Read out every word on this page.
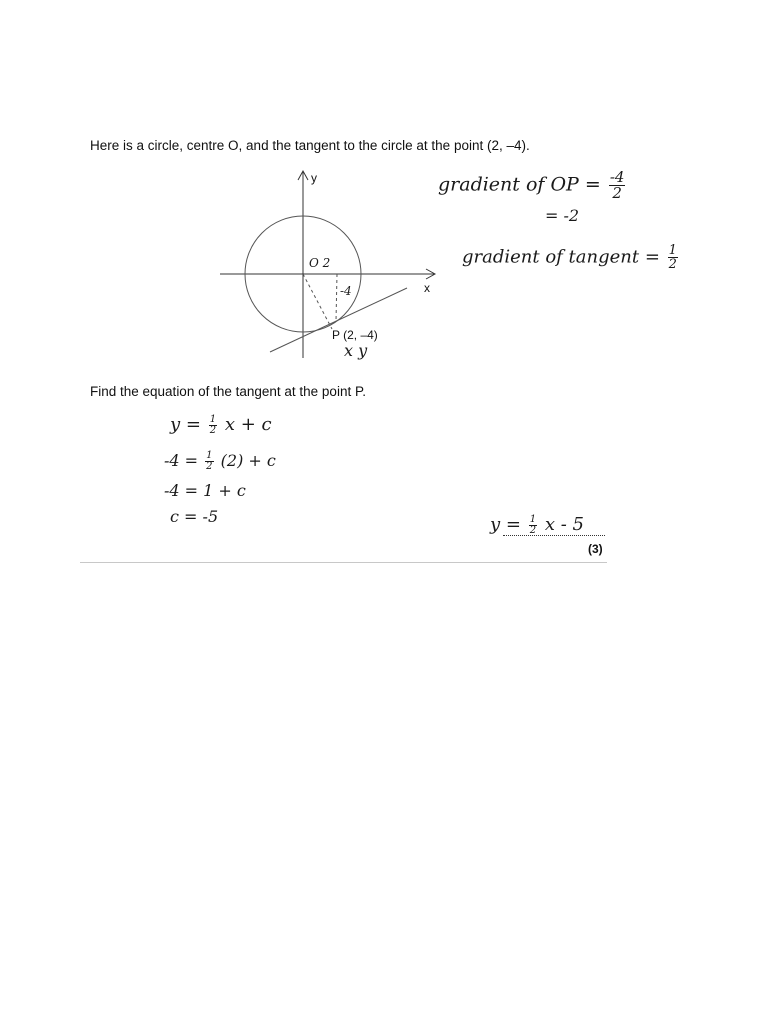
Here is a circle, centre O, and the tangent to the circle at the point (2, –4).
y
x
P (2, –4)
O 2
-4
x y
gradient of OP = $\frac{-4}{2}$
= -2
gradient of tangent = $\frac{1}{2}$
Find the equation of the tangent at the point P.
$y = \frac{1}{2}$ x + c
$-4 = \frac{1}{2} (2) + c$
-4 = 1 + c
c = -5	$y = \frac{1}{2}$ x - 5
(3)
